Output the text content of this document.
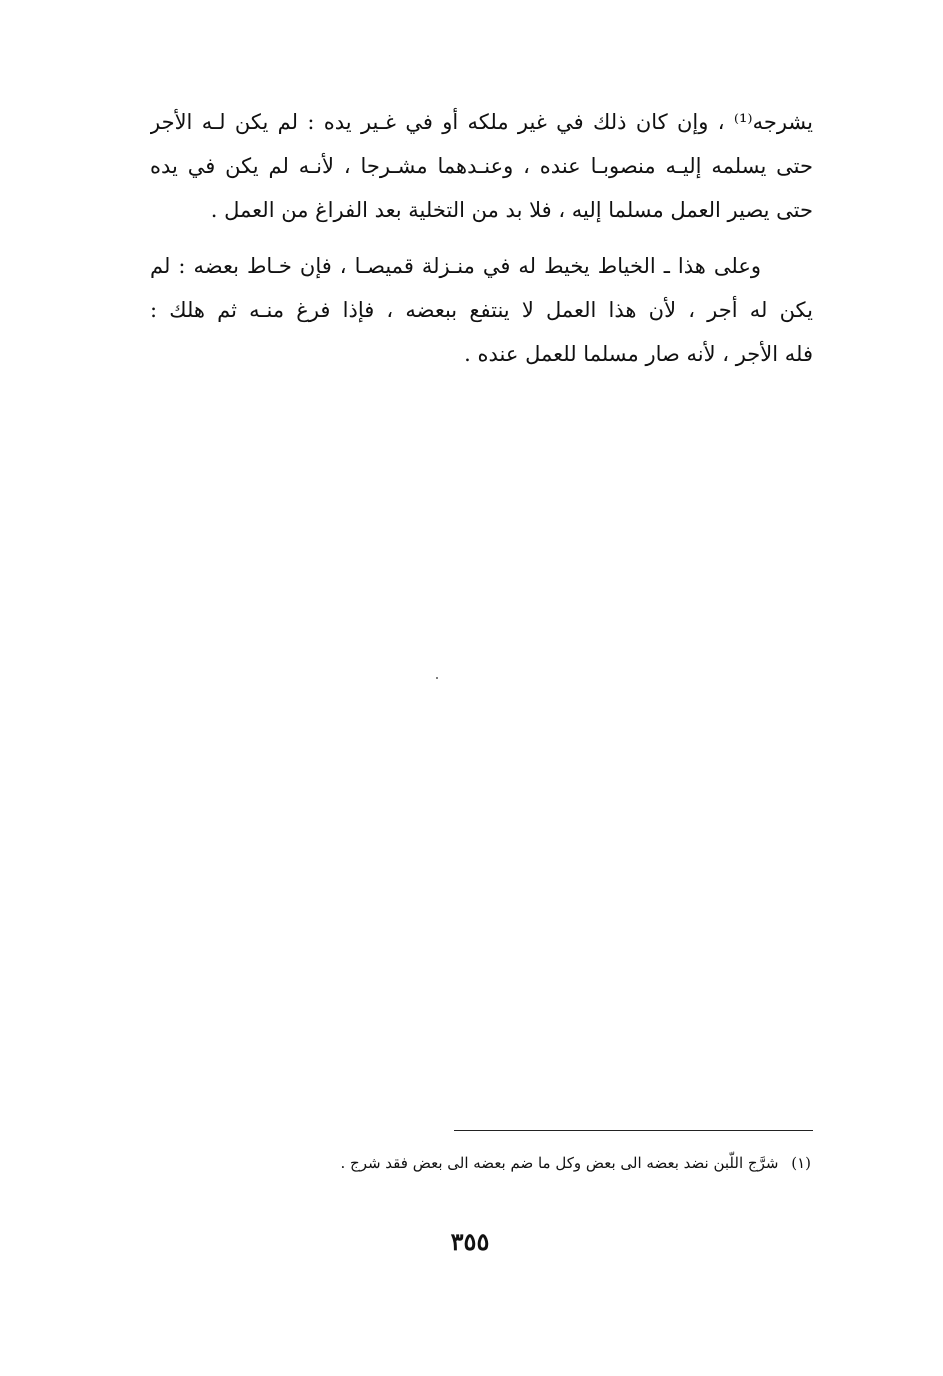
يشرجه⁽¹⁾ ، وإن كان ذلك في غير ملكه أو في غـير يده : لم يكن لـه الأجر
حتى يسلمه إليـه منصوبـا عنده ، وعنـدهما مشـرجا ، لأنـه لم يكن في يده
حتى يصير العمل مسلما إليه ، فلا بد من التخلية بعد الفراغ من العمل .

وعلى هذا ـ الخياط يخيط له في منـزلة قميصـا ، فإن خـاط بعضه : لم
يكن له أجر ، لأن هذا العمل لا ينتفع ببعضه ، فإذا فرغ منـه ثم هلك :
فله الأجر ، لأنه صار مسلما للعمل عنده .

(١) شرَّج اللّبن نضد بعضه الى بعض وكل ما ضم بعضه الى بعض فقد شرج .
٣٥٥
